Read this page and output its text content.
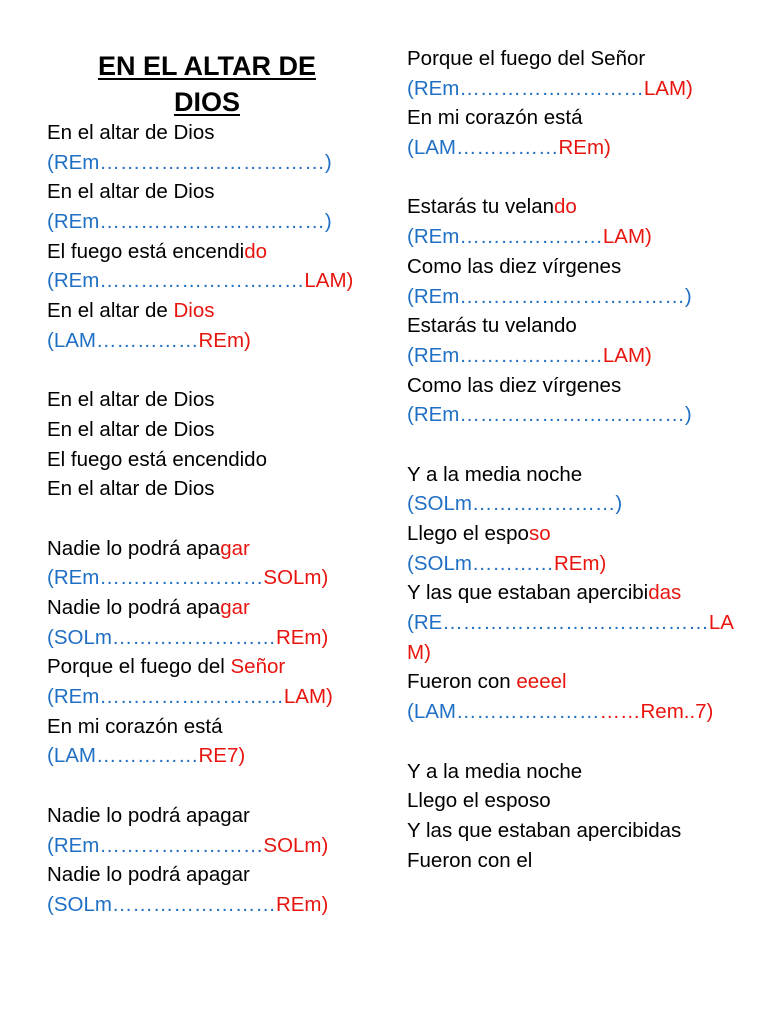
EN EL ALTAR DE
DIOS
En el altar de Dios
(REm……………………………)
En el altar de Dios
(REm……………………………)
El fuego está encendido
(REm…………………………LAM)
En el altar de Dios
(LAM……………REm)
En el altar de Dios
En el altar de Dios
El fuego está encendido
En el altar de Dios
Nadie lo podrá apagar
(REm……………………SOLm)
Nadie lo podrá apagar
(SOLm……………………REm)
Porque el fuego del Señor
(REm………………………LAM)
En mi corazón está
(LAM……………RE7)
Nadie lo podrá apagar
(REm……………………SOLm)
Nadie lo podrá apagar
(SOLm……………………REm)
Porque el fuego del Señor
(REm………………………LAM)
En mi corazón está
(LAM……………REm)
Estarás tu velando
(REm…………………LAM)
Como las diez vírgenes
(REm……………………………)
Estarás tu velando
(REm…………………LAM)
Como las diez vírgenes
(REm……………………………)
Y a la media noche
(SOLm…………………)
Llego el esposo
(SOLm…………REm)
Y las que estaban apercibidas
(RE…………………………………LA
M)
Fueron con eeeel
(LAM………………………Rem..7)
Y a la media noche
Llego el esposo
Y las que estaban apercibidas
Fueron con el
